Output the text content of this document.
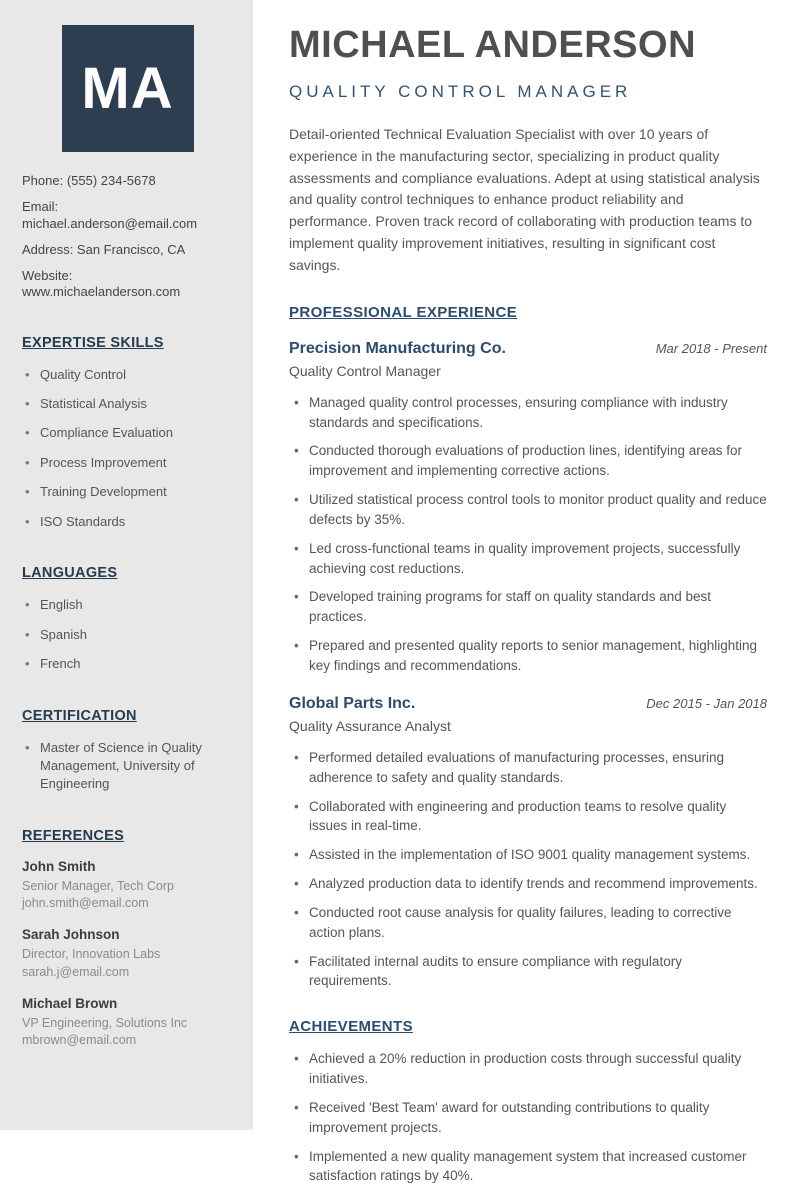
MA

Phone: (555) 234-5678

Email: michael.anderson@email.com

Address: San Francisco, CA

Website: www.michaelanderson.com

EXPERTISE SKILLS
• Quality Control
• Statistical Analysis
• Compliance Evaluation
• Process Improvement
• Training Development
• ISO Standards
LANGUAGES
• English
• Spanish
• French
CERTIFICATION
• Master of Science in Quality Management, University of Engineering
REFERENCES

John Smith

Senior Manager, Tech Corp

john.smith@email.com

Sarah Johnson

Director, Innovation Labs

sarah.j@email.com

Michael Brown

VP Engineering, Solutions Inc

mbrown@email.com

MICHAEL ANDERSON
QUALITY CONTROL MANAGER

Detail-oriented Technical Evaluation Specialist with over 10 years of experience in the manufacturing sector, specializing in product quality assessments and compliance evaluations. Adept at using statistical analysis and quality control techniques to enhance product reliability and performance. Proven track record of collaborating with production teams to implement quality improvement initiatives, resulting in significant cost savings.

PROFESSIONAL EXPERIENCE
Precision Manufacturing Co.	Mar 2018 - Present
Quality Control Manager
• Managed quality control processes, ensuring compliance with industry standards and specifications.
• Conducted thorough evaluations of production lines, identifying areas for improvement and implementing corrective actions.
• Utilized statistical process control tools to monitor product quality and reduce defects by 35%.
• Led cross-functional teams in quality improvement projects, successfully achieving cost reductions.
• Developed training programs for staff on quality standards and best practices.
• Prepared and presented quality reports to senior management, highlighting key findings and recommendations.
Global Parts Inc.	Dec 2015 - Jan 2018
Quality Assurance Analyst
• Performed detailed evaluations of manufacturing processes, ensuring adherence to safety and quality standards.
• Collaborated with engineering and production teams to resolve quality issues in real-time.
• Assisted in the implementation of ISO 9001 quality management systems.
• Analyzed production data to identify trends and recommend improvements.
• Conducted root cause analysis for quality failures, leading to corrective action plans.
• Facilitated internal audits to ensure compliance with regulatory requirements.
ACHIEVEMENTS
• Achieved a 20% reduction in production costs through successful quality initiatives.
• Received 'Best Team' award for outstanding contributions to quality improvement projects.
• Implemented a new quality management system that increased customer satisfaction ratings by 40%.
